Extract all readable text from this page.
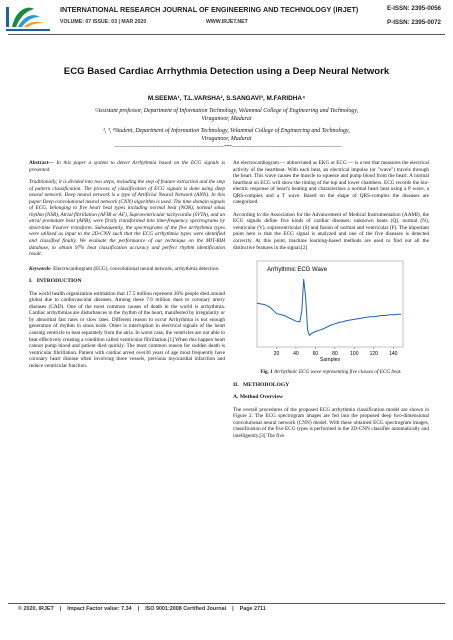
INTERNATIONAL RESEARCH JOURNAL OF ENGINEERING AND TECHNOLOGY (IRJET)
VOLUME: 07 ISSUE: 03 | MAR 2020	WWW.IRJET.NET
E-ISSN: 2395-0056
P-ISSN: 2395-0072
ECG Based Cardiac Arrhythmia Detection using a Deep Neural Network
M.SEEMA¹, T.L.VARSHA², S.SANGAVI³, M.FARIDHA⁴
¹Assistant professor, Department of Information Technology, Velammal College of Engineering and Technology,
Viraganoor, Madurai
², ³, ⁴Student, Department of Information Technology, Velammal College of Engineering and Technology,
Viraganoor, Madurai
------------------------------------------------------------------***------------------------------------------------------------------

Abstract— In this paper a system to detect Arrhythmia based on the ECG signals is presented.

Traditionally, it is divided into two steps, including the step of feature extraction and the step of pattern classification. The process of classification of ECG signals is done using deep neural network. Deep neural network is a type of Artificial Neural Network (ANN). In this paper Deep convolutional neural network (CNN) algorithm is used. The time domain signals of ECG, belonging to five heart beat types including normal beat (NOR), normal sinus rhythm (NSR), Atrial fibrillation (AFIB or AF), Supraventricular tachycardia (SVTA), and an atrial premature beat (APB), were firstly transformed into time-frequency spectrograms by short-time Fourier transform. Subsequently, the spectrograms of the five arrhythmia types were utilized as input to the 2D-CNN such that the ECG arrhythmia types were identified and classified finally. We evaluate the performance of our technique on the MIT-BIH database, to obtain 97% beat classification accuracy and perfect rhythm identification result.

Keywords- Electrocardiogram (ECG), convolutional neural network, arrhythmia detection.

I. INTRODUCTION

The world health organization estimation that 17.5 million represent 30% people died around global due to cardiovascular diseases. Among these 7.6 million dues to coronary artery diseases (CAD). One of the most common causes of death in the world is arrhythmia. Cardiac arrhythmias are disturbances in the rhythm of the heart, manifested by irregularity or by abnormal fast rates or slow rates. Different reason to occur Arrhythmia is not enough generation of rhythm in sinus node. Other is interruption in electrical signals of the heart causing ventricle to beat separately from the atria. In worst case, the ventricles are not able to beat effectively creating a condition called ventricular fibrillation.[1] When this happen heart cannot pump blood and patient died quickly. The most common reason for sudden death is ventricular fibrillation. Patient with cardiac arrest over30 years of age most frequently have coronary heart disease often involving three vessels, previous myocardial infarction and reduce ventricular function.

An electrocardiogram — abbreviated as EKG or ECG — is a test that measures the electrical activity of the heartbeat. With each beat, an electrical impulse (or "wave") travels through the heart. This wave causes the muscle to squeeze and pump blood from the heart. A normal heartbeat on ECG will show the timing of the top and lower chambers. ECG records the bio-electric response of heart's beating and characterizes a normal heart beat using a P wave, a QRS-complex and a T wave. Based on the shape of QRS-complex the diseases are categorized.

According to the Association for the Advancement of Medical Instrumentation (AAMI), the ECG signals define five kinds of cardiac diseases: unknown beats (Q), normal (N), ventricular (V), supraventricular (S) and fusion of normal and ventricular (F). The important point here is that the ECG signal is analyzed and one of the five diseases is detected correctly. At this point, machine learning-based methods are used to find out all the distinctive features in the signal.[2]

Arrhythmic ECG Wave
20	40	60	80	100 120 140
Samples
Fig. 1 Arrhythmic ECG wave representing five classes of ECG beat.
II. METHODOLOGY
A. Method Overview

The overall procedures of the proposed ECG arrhythmia classification model are shown in Figure 2. The ECG spectrogram images are fed into the proposed deep two-dimensional convolutional neural network (CNN) model. With these obtained ECG spectrogram images, classification of the five ECG types is performed in the 2D-CNN classifier automatically and intelligently.[3] The five

© 2020, IRJET | Impact Factor value: 7.34 | ISO 9001:2008 Certified Journal | Page 2711
